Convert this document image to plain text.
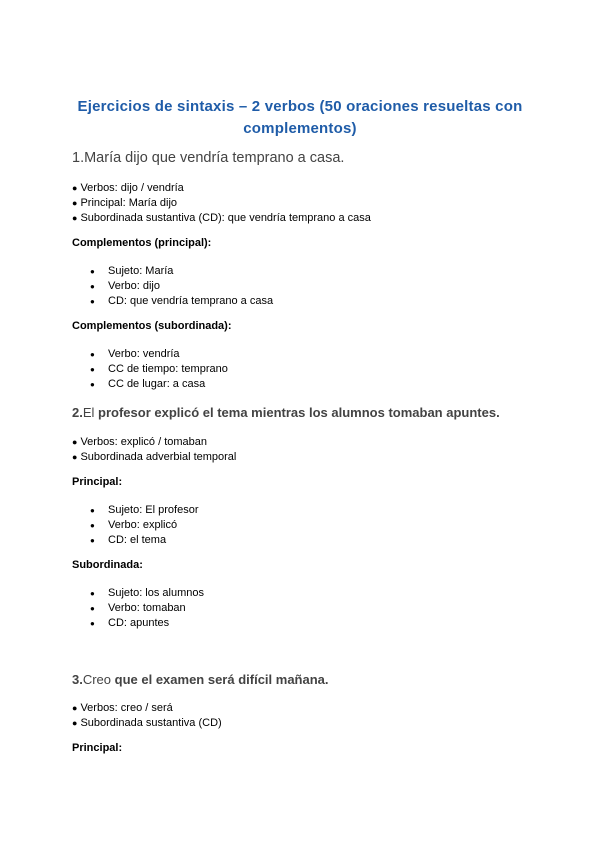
Ejercicios de sintaxis – 2 verbos (50 oraciones resueltas con complementos)

1.María dijo que vendría temprano a casa.

● Verbos: dijo / vendría
● Principal: María dijo
● Subordinada sustantiva (CD): que vendría temprano a casa

Complementos (principal):

● Sujeto: María
● Verbo: dijo
● CD: que vendría temprano a casa

Complementos (subordinada):

● Verbo: vendría
● CC de tiempo: temprano
● CC de lugar: a casa

2.El profesor explicó el tema mientras los alumnos tomaban apuntes.

● Verbos: explicó / tomaban
● Subordinada adverbial temporal

Principal:

● Sujeto: El profesor
● Verbo: explicó
● CD: el tema

Subordinada:

● Sujeto: los alumnos
● Verbo: tomaban
● CD: apuntes

3.Creo que el examen será difícil mañana.

● Verbos: creo / será
● Subordinada sustantiva (CD)

Principal:
